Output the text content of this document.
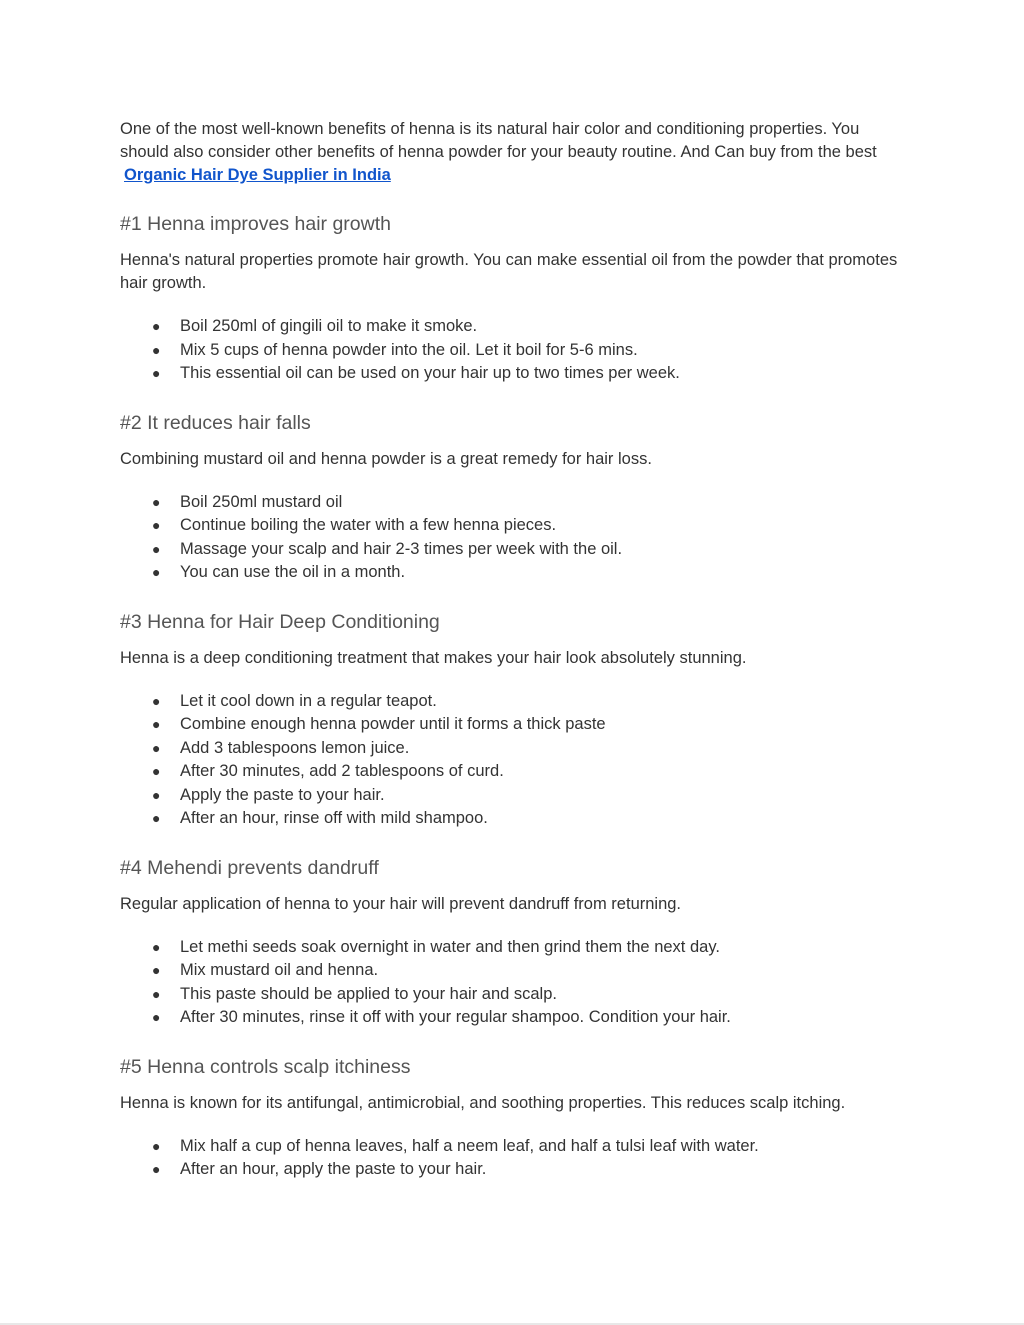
One of the most well-known benefits of henna is its natural hair color and conditioning properties. You should also consider other benefits of henna powder for your beauty routine. And Can buy from the best Organic Hair Dye Supplier in India

#1 Henna improves hair growth

Henna's natural properties promote hair growth. You can make essential oil from the powder that promotes hair growth.

● Boil 250ml of gingili oil to make it smoke.
● Mix 5 cups of henna powder into the oil. Let it boil for 5-6 mins.
● This essential oil can be used on your hair up to two times per week.
#2 It reduces hair falls

Combining mustard oil and henna powder is a great remedy for hair loss.

● Boil 250ml mustard oil
● Continue boiling the water with a few henna pieces.
● Massage your scalp and hair 2-3 times per week with the oil.
● You can use the oil in a month.
#3 Henna for Hair Deep Conditioning

Henna is a deep conditioning treatment that makes your hair look absolutely stunning.

● Let it cool down in a regular teapot.
● Combine enough henna powder until it forms a thick paste
● Add 3 tablespoons lemon juice.
● After 30 minutes, add 2 tablespoons of curd.
● Apply the paste to your hair.
● After an hour, rinse off with mild shampoo.
#4 Mehendi prevents dandruff

Regular application of henna to your hair will prevent dandruff from returning.

● Let methi seeds soak overnight in water and then grind them the next day.
● Mix mustard oil and henna.
● This paste should be applied to your hair and scalp.
● After 30 minutes, rinse it off with your regular shampoo. Condition your hair.
#5 Henna controls scalp itchiness

Henna is known for its antifungal, antimicrobial, and soothing properties. This reduces scalp itching.

● Mix half a cup of henna leaves, half a neem leaf, and half a tulsi leaf with water.
● After an hour, apply the paste to your hair.
